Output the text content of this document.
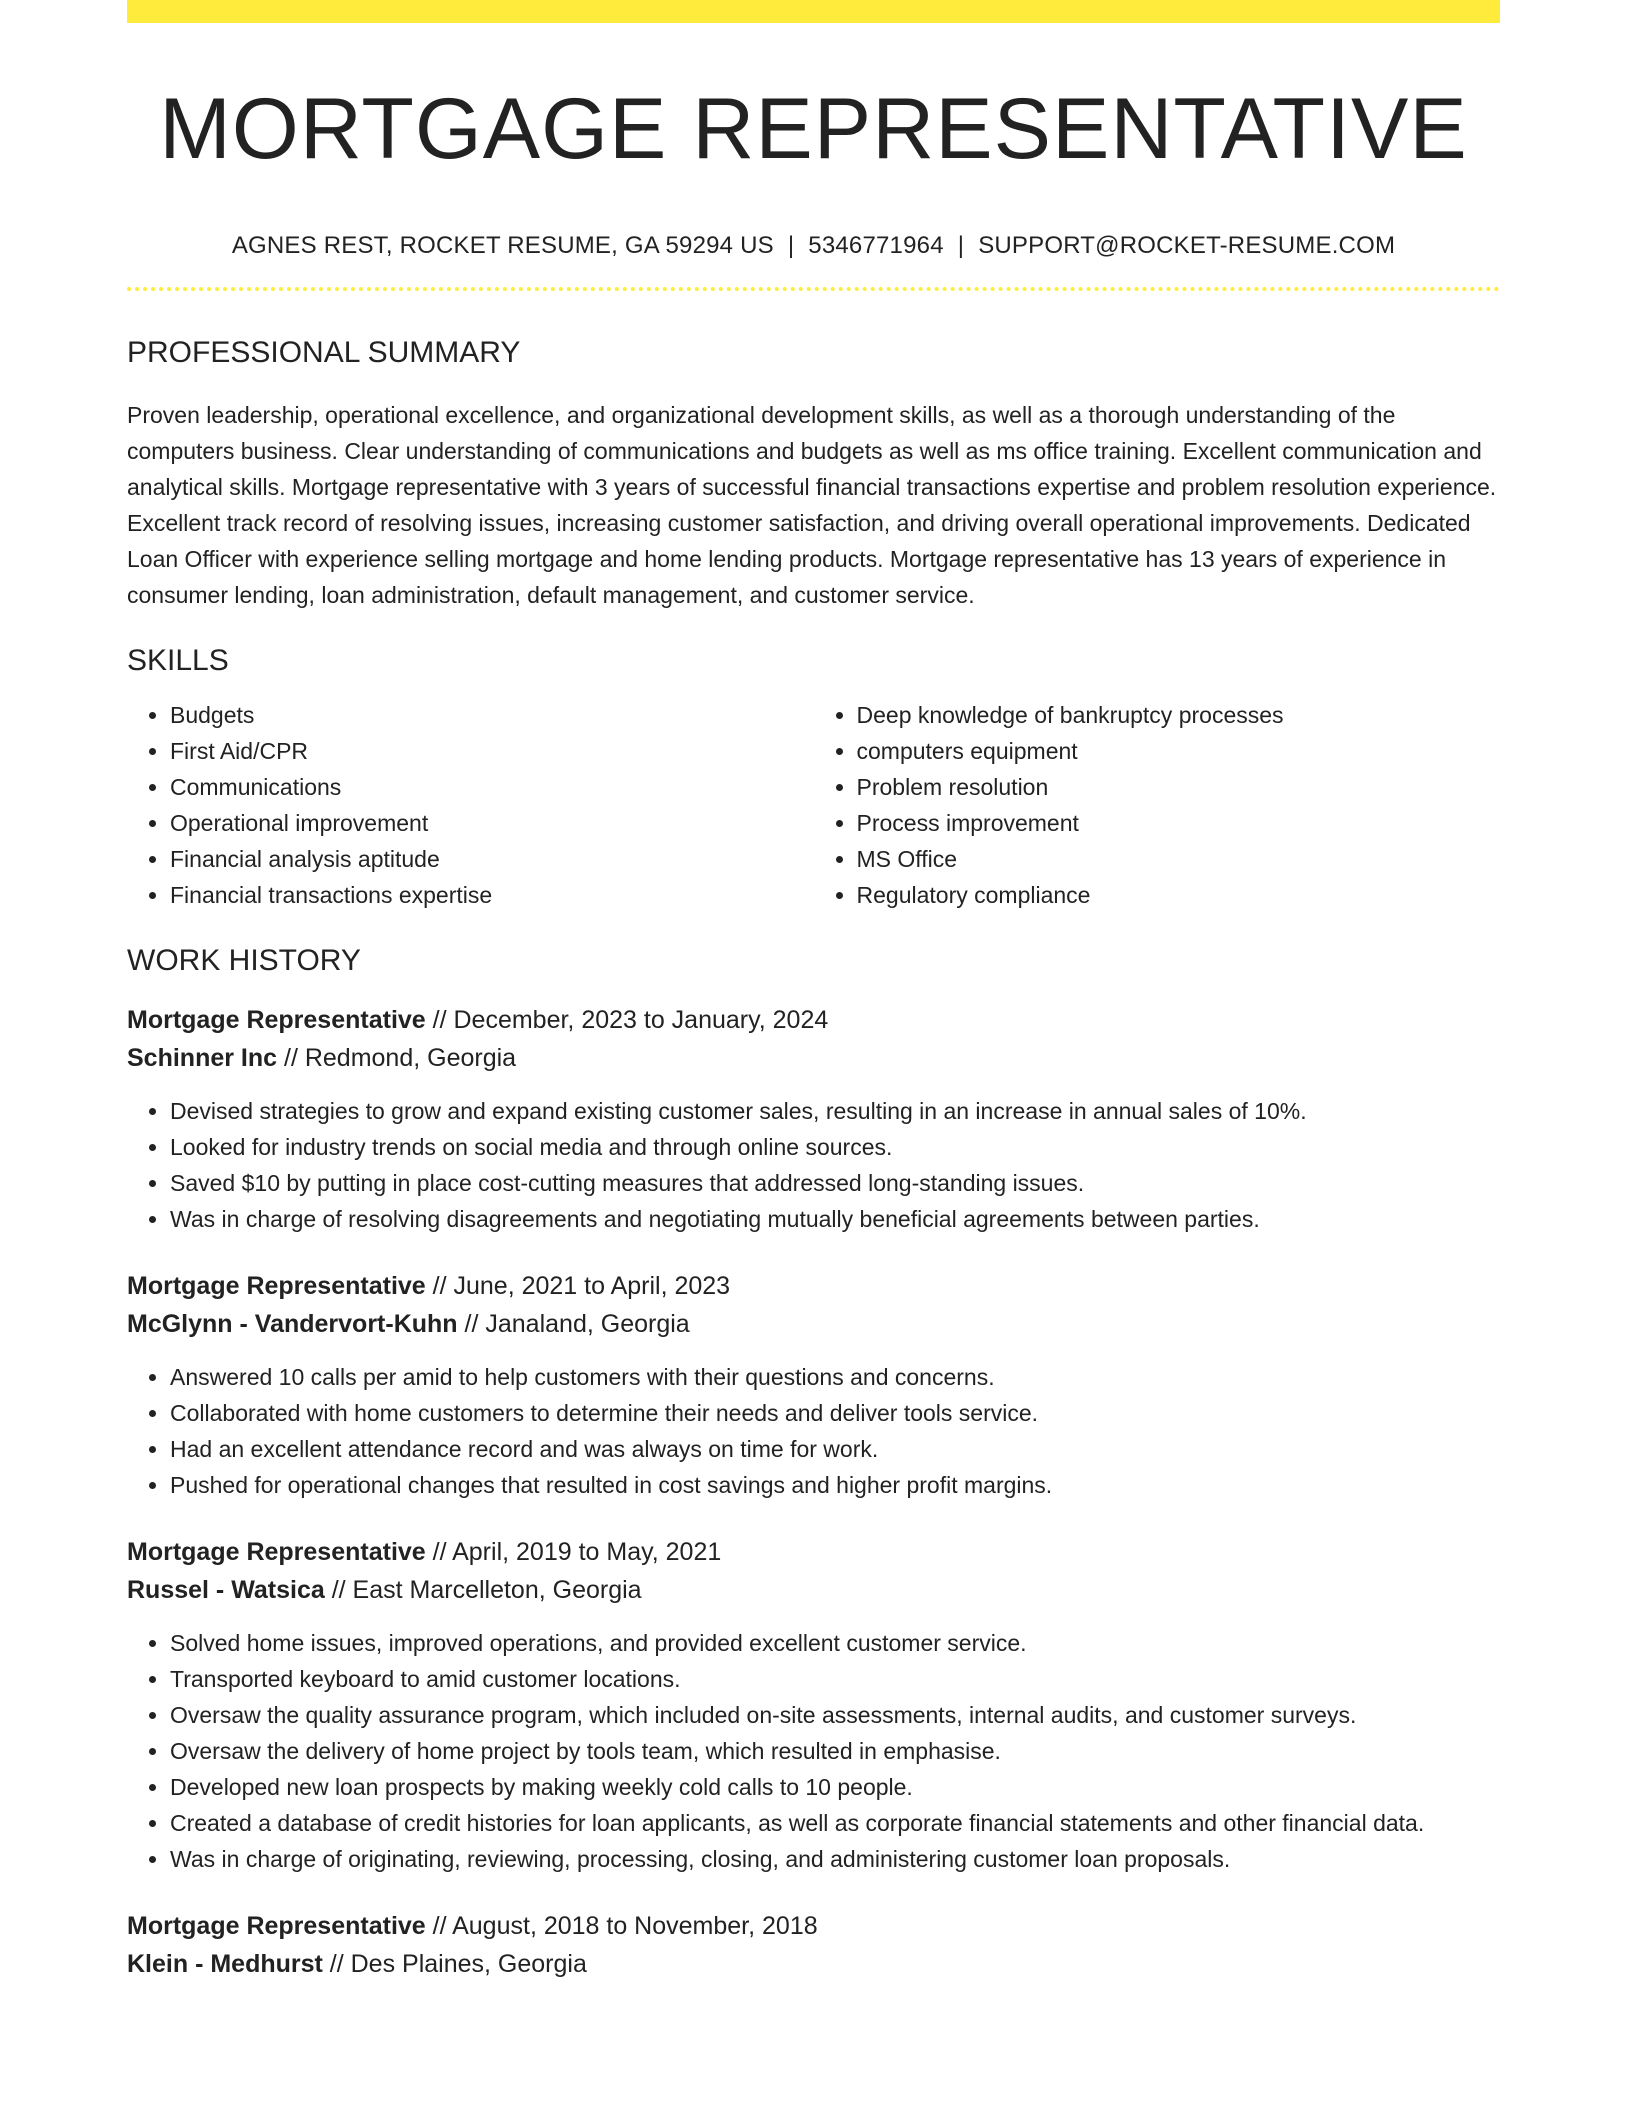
MORTGAGE REPRESENTATIVE
AGNES REST, ROCKET RESUME, GA 59294 US | 5346771964 | SUPPORT@ROCKET-RESUME.COM
PROFESSIONAL SUMMARY

Proven leadership, operational excellence, and organizational development skills, as well as a thorough understanding of the computers business. Clear understanding of communications and budgets as well as ms office training. Excellent communication and analytical skills. Mortgage representative with 3 years of successful financial transactions expertise and problem resolution experience. Excellent track record of resolving issues, increasing customer satisfaction, and driving overall operational improvements. Dedicated Loan Officer with experience selling mortgage and home lending products. Mortgage representative has 13 years of experience in consumer lending, loan administration, default management, and customer service.

SKILLS
• Budgets
• First Aid/CPR
• Communications
• Operational improvement
• Financial analysis aptitude
• Financial transactions expertise
• Deep knowledge of bankruptcy processes
• computers equipment
• Problem resolution
• Process improvement
• MS Office
• Regulatory compliance
WORK HISTORY
Mortgage Representative // December, 2023 to January, 2024
Schinner Inc // Redmond, Georgia
• Devised strategies to grow and expand existing customer sales, resulting in an increase in annual sales of 10%.
• Looked for industry trends on social media and through online sources.
• Saved $10 by putting in place cost-cutting measures that addressed long-standing issues.
• Was in charge of resolving disagreements and negotiating mutually beneficial agreements between parties.
Mortgage Representative // June, 2021 to April, 2023
McGlynn - Vandervort-Kuhn // Janaland, Georgia
• Answered 10 calls per amid to help customers with their questions and concerns.
• Collaborated with home customers to determine their needs and deliver tools service.
• Had an excellent attendance record and was always on time for work.
• Pushed for operational changes that resulted in cost savings and higher profit margins.
Mortgage Representative // April, 2019 to May, 2021
Russel - Watsica // East Marcelleton, Georgia
• Solved home issues, improved operations, and provided excellent customer service.
• Transported keyboard to amid customer locations.
• Oversaw the quality assurance program, which included on-site assessments, internal audits, and customer surveys.
• Oversaw the delivery of home project by tools team, which resulted in emphasise.
• Developed new loan prospects by making weekly cold calls to 10 people.
• Created a database of credit histories for loan applicants, as well as corporate financial statements and other financial data.
• Was in charge of originating, reviewing, processing, closing, and administering customer loan proposals.
Mortgage Representative // August, 2018 to November, 2018
Klein - Medhurst // Des Plaines, Georgia
